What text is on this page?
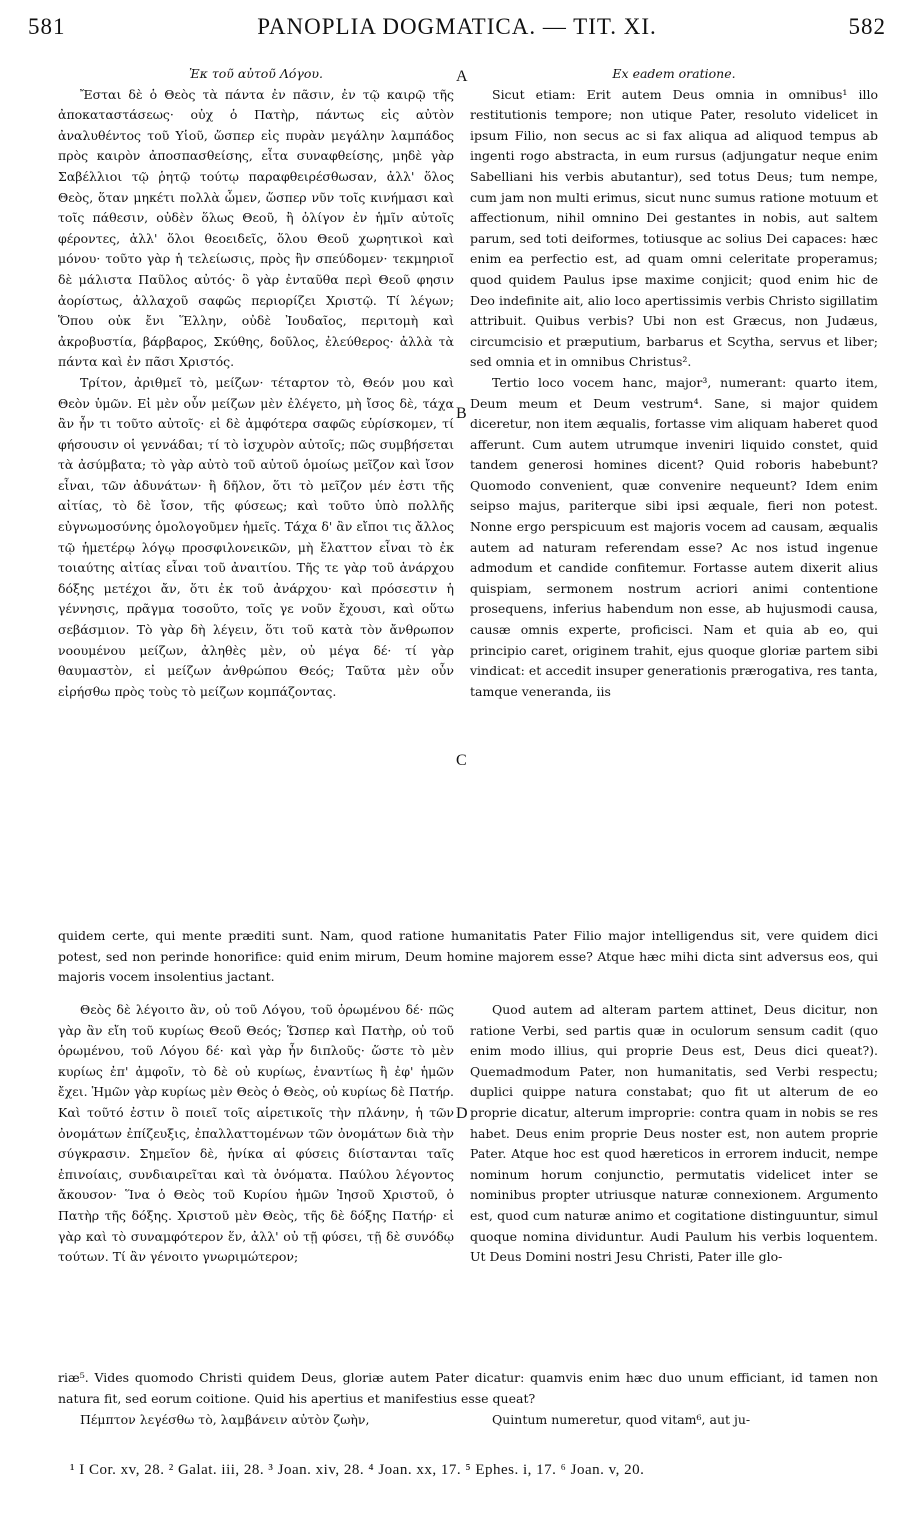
581	PANOPLIA DOGMATICA. — TIT. XI.	582

Ἐκ τοῦ αὐτοῦ Λόγου.

Ἔσται δὲ ὁ Θεὸς τὰ πάντα ἐν πᾶσιν, ἐν τῷ καιρῷ τῆς ἀποκαταστάσεως· οὐχ ὁ Πατὴρ, πάντως εἰς αὐτὸν ἀναλυθέντος τοῦ Υἱοῦ, ὥσπερ εἰς πυρὰν μεγάλην λαμπάδος πρὸς καιρὸν ἀποσπασθείσης, εἶτα συναφθείσης, μηδὲ γὰρ Σαβέλλιοι τῷ ῥητῷ τούτῳ παραφθειρέσθωσαν, ἀλλ' ὅλος Θεὸς, ὅταν μηκέτι πολλὰ ὦμεν, ὥσπερ νῦν τοῖς κινήμασι καὶ τοῖς πάθεσιν, οὐδὲν ὅλως Θεοῦ, ἢ ὀλίγον ἐν ἡμῖν αὐτοῖς φέροντες, ἀλλ' ὅλοι θεοειδεῖς, ὅλου Θεοῦ χωρητικοὶ καὶ μόνου· τοῦτο γὰρ ἡ τελείωσις, πρὸς ἣν σπεύδομεν· τεκμηριοῖ δὲ μάλιστα Παῦλος αὐτός· ὃ γὰρ ἐνταῦθα περὶ Θεοῦ φησιν ἀορίστως, ἀλλαχοῦ σαφῶς περιορίζει Χριστῷ. Τί λέγων; Ὅπου οὐκ ἔνι Ἕλλην, οὐδὲ Ἰουδαῖος, περιτομὴ καὶ ἀκροβυστία, βάρβαρος, Σκύθης, δοῦλος, ἐλεύθερος· ἀλλὰ τὰ πάντα καὶ ἐν πᾶσι Χριστός.

Τρίτον, ἀριθμεῖ τὸ, μείζων· τέταρτον τὸ, Θεόν μου καὶ Θεὸν ὑμῶν. Εἰ μὲν οὖν μείζων μὲν ἐλέγετο, μὴ ἴσος δὲ, τάχα ἂν ἦν τι τοῦτο αὐτοῖς· εἰ δὲ ἀμφότερα σαφῶς εὑρίσκομεν, τί φήσουσιν οἱ γεννάδαι; τί τὸ ἰσχυρὸν αὐτοῖς; πῶς συμβήσεται τὰ ἀσύμβατα; τὸ γὰρ αὐτὸ τοῦ αὐτοῦ ὁμοίως μεῖζον καὶ ἴσον εἶναι, τῶν ἀδυνάτων· ἢ δῆλον, ὅτι τὸ μεῖζον μέν ἐστι τῆς αἰτίας, τὸ δὲ ἴσον, τῆς φύσεως; καὶ τοῦτο ὑπὸ πολλῆς εὐγνωμοσύνης ὁμολογοῦμεν ἡμεῖς. Τάχα δ' ἂν εἴποι τις ἄλλος τῷ ἡμετέρῳ λόγῳ προσφιλονεικῶν, μὴ ἔλαττον εἶναι τὸ ἐκ τοιαύτης αἰτίας εἶναι τοῦ ἀναιτίου. Τῆς τε γὰρ τοῦ ἀνάρχου δόξης μετέχοι ἄν, ὅτι ἐκ τοῦ ἀνάρχου· καὶ πρόσεστιν ἡ γέννησις, πρᾶγμα τοσοῦτο, τοῖς γε νοῦν ἔχουσι, καὶ οὕτω σεβάσμιον. Τὸ γὰρ δὴ λέγειν, ὅτι τοῦ κατὰ τὸν ἄνθρωπον νοουμένου μείζων, ἀληθὲς μὲν, οὐ μέγα δέ· τί γὰρ θαυμαστὸν, εἰ μείζων ἀνθρώπου Θεός; Ταῦτα μὲν οὖν εἰρήσθω πρὸς τοὺς τὸ μείζων κομπάζοντας.

Ex eadem oratione.

Sicut etiam: Erit autem Deus omnia in omnibus¹ illo restitutionis tempore; non utique Pater, resoluto videlicet in ipsum Filio, non secus ac si fax aliqua ad aliquod tempus ab ingenti rogo abstracta, in eum rursus (adjungatur neque enim Sabelliani his verbis abutantur), sed totus Deus; tum nempe, cum jam non multi erimus, sicut nunc sumus ratione motuum et affectionum, nihil omnino Dei gestantes in nobis, aut saltem parum, sed toti deiformes, totiusque ac solius Dei capaces: hæc enim ea perfectio est, ad quam omni celeritate properamus; quod quidem Paulus ipse maxime conjicit; quod enim hic de Deo indefinite ait, alio loco apertissimis verbis Christo sigillatim attribuit. Quibus verbis? Ubi non est Græcus, non Judæus, circumcisio et præputium, barbarus et Scytha, servus et liber; sed omnia et in omnibus Christus².

Tertio loco vocem hanc, major³, numerant: quarto item, Deum meum et Deum vestrum⁴. Sane, si major quidem diceretur, non item æqualis, fortasse vim aliquam haberet quod afferunt. Cum autem utrumque inveniri liquido constet, quid tandem generosi homines dicent? Quid roboris habebunt? Quomodo convenient, quæ convenire nequeunt? Idem enim seipso majus, pariterque sibi ipsi æquale, fieri non potest. Nonne ergo perspicuum est majoris vocem ad causam, æqualis autem ad naturam referendam esse? Ac nos istud ingenue admodum et candide confitemur. Fortasse autem dixerit alius quispiam, sermonem nostrum acriori animi contentione prosequens, inferius habendum non esse, ab hujusmodi causa, causæ omnis experte, proficisci. Nam et quia ab eo, qui principio caret, originem trahit, ejus quoque gloriæ partem sibi vindicat: et accedit insuper generationis prærogativa, res tanta, tamque veneranda, iis

A
B
C
D

quidem certe, qui mente præditi sunt. Nam, quod ratione humanitatis Pater Filio major intelligendus sit, vere quidem dici potest, sed non perinde honorifice: quid enim mirum, Deum homine majorem esse? Atque hæc mihi dicta sint adversus eos, qui majoris vocem insolentius jactant.

Θεὸς δὲ λέγοιτο ἂν, οὐ τοῦ Λόγου, τοῦ ὁρωμένου δέ· πῶς γὰρ ἂν εἴη τοῦ κυρίως Θεοῦ Θεός; Ὥσπερ καὶ Πατὴρ, οὐ τοῦ ὁρωμένου, τοῦ Λόγου δέ· καὶ γὰρ ἦν διπλοῦς· ὥστε τὸ μὲν κυρίως ἐπ' ἀμφοῖν, τὸ δὲ οὐ κυρίως, ἐναντίως ἢ ἐφ' ἡμῶν ἔχει. Ἡμῶν γὰρ κυρίως μὲν Θεὸς ὁ Θεὸς, οὐ κυρίως δὲ Πατήρ. Καὶ τοῦτό ἐστιν ὃ ποιεῖ τοῖς αἱρετικοῖς τὴν πλάνην, ἡ τῶν ὀνομάτων ἐπίζευξις, ἐπαλλαττομένων τῶν ὀνομάτων διὰ τὴν σύγκρασιν. Σημεῖον δὲ, ἡνίκα αἱ φύσεις διίστανται ταῖς ἐπινοίαις, συνδιαιρεῖται καὶ τὰ ὀνόματα. Παύλου λέγοντος ἄκουσον· Ἵνα ὁ Θεὸς τοῦ Κυρίου ἡμῶν Ἰησοῦ Χριστοῦ, ὁ Πατὴρ τῆς δόξης. Χριστοῦ μὲν Θεὸς, τῆς δὲ δόξης Πατήρ· εἰ γὰρ καὶ τὸ συναμφότερον ἕν, ἀλλ' οὐ τῇ φύσει, τῇ δὲ συνόδῳ τούτων. Τί ἂν γένοιτο γνωριμώτερον;

Quod autem ad alteram partem attinet, Deus dicitur, non ratione Verbi, sed partis quæ in oculorum sensum cadit (quo enim modo illius, qui proprie Deus est, Deus dici queat?). Quemadmodum Pater, non humanitatis, sed Verbi respectu; duplici quippe natura constabat; quo fit ut alterum de eo proprie dicatur, alterum improprie: contra quam in nobis se res habet. Deus enim proprie Deus noster est, non autem proprie Pater. Atque hoc est quod hæreticos in errorem inducit, nempe nominum horum conjunctio, permutatis videlicet inter se nominibus propter utriusque naturæ connexionem. Argumento est, quod cum naturæ animo et cogitatione distinguuntur, simul quoque nomina dividuntur. Audi Paulum his verbis loquentem. Ut Deus Domini nostri Jesu Christi, Pater ille glo-

riæ⁵. Vides quomodo Christi quidem Deus, gloriæ autem Pater dicatur: quamvis enim hæc duo unum efficiant, id tamen non natura fit, sed eorum coitione. Quid his apertius et manifestius esse queat?

Πέμπτον λεγέσθω τὸ, λαμβάνειν αὐτὸν ζωὴν,	Quintum numeretur, quod vitam⁶, aut ju-

¹ I Cor. xv, 28. ² Galat. iii, 28. ³ Joan. xiv, 28. ⁴ Joan. xx, 17. ⁵ Ephes. i, 17. ⁶ Joan. v, 20.
